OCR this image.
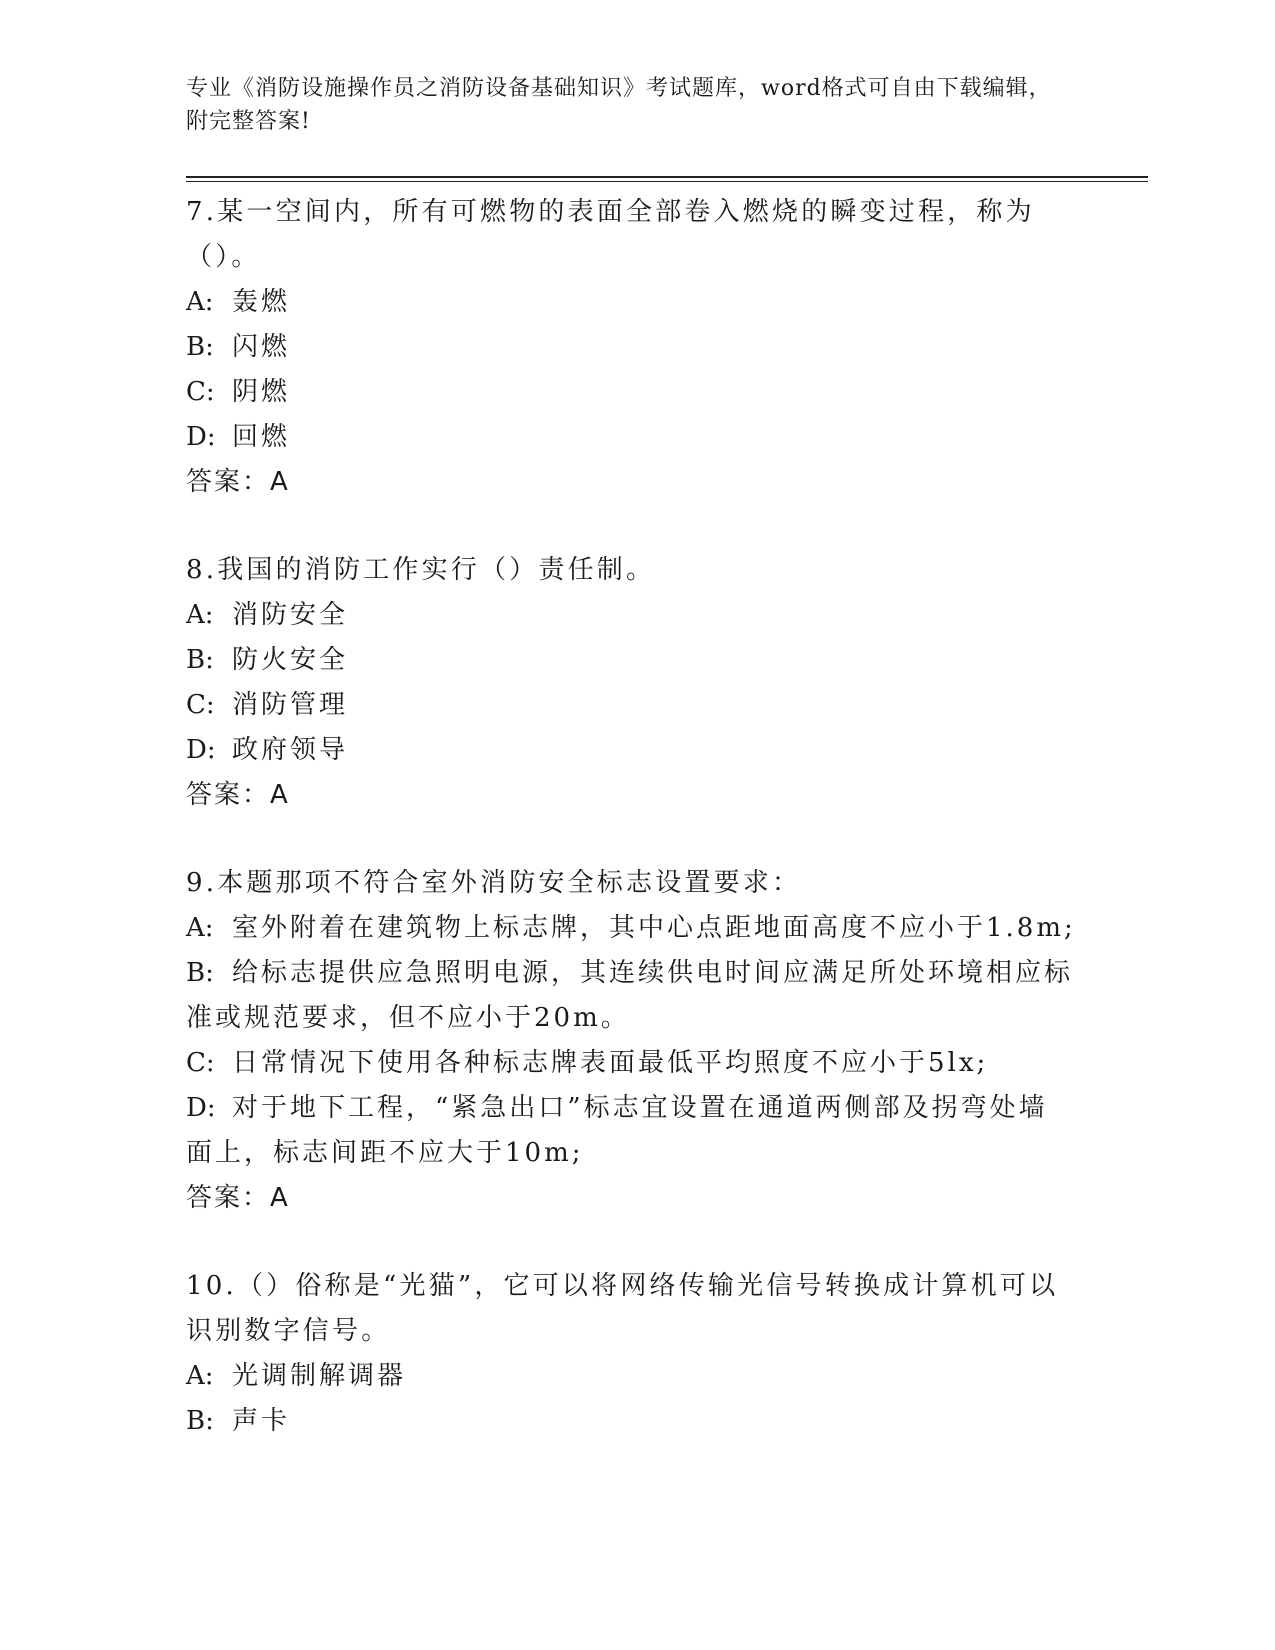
专业《消防设施操作员之消防设备基础知识》考试题库，word格式可自由下载编辑，附完整答案!
7.某一空间内，所有可燃物的表面全部卷入燃烧的瞬变过程，称为（）。
A: 轰燃
B: 闪燃
C: 阴燃
D: 回燃
答案：A
8.我国的消防工作实行（）责任制。
A: 消防安全
B: 防火安全
C: 消防管理
D: 政府领导
答案：A
9.本题那项不符合室外消防安全标志设置要求：
A: 室外附着在建筑物上标志牌，其中心点距地面高度不应小于1.8m;
B: 给标志提供应急照明电源，其连续供电时间应满足所处环境相应标准或规范要求，但不应小于20m。
C: 日常情况下使用各种标志牌表面最低平均照度不应小于5lx;
D: 对于地下工程，“紧急出口”标志宜设置在通道两侧部及拐弯处墙面上，标志间距不应大于10m;
答案：A
10.（）俗称是“光猫”，它可以将网络传输光信号转换成计算机可以识别数字信号。
A: 光调制解调器
B: 声卡
